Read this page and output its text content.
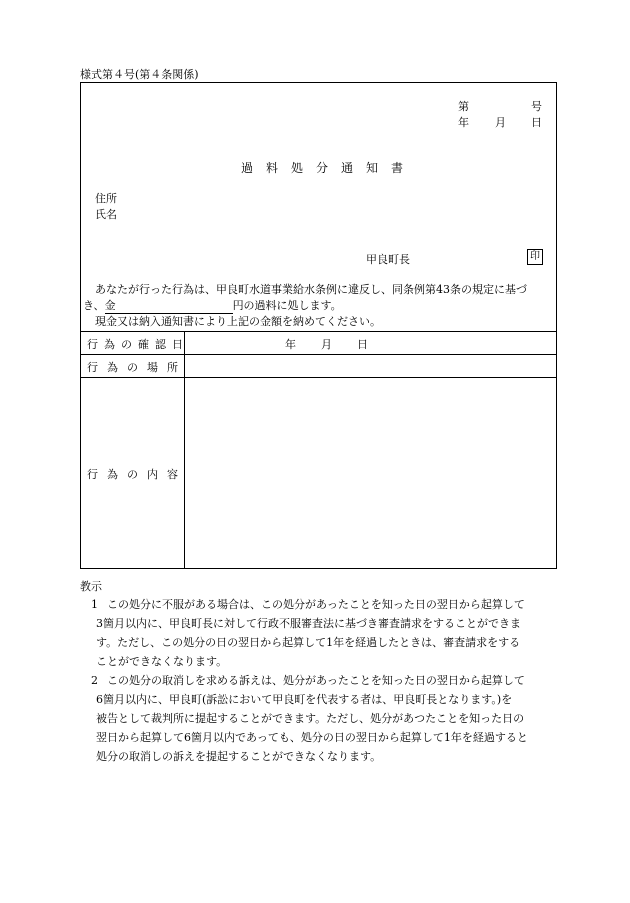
様式第４号(第４条関係)
第	号
年 月 日
過料処分通知書
住所
氏名
甲良町長	印
あなたが行った行為は、甲良町水道事業給水条例に違反し、同条例第43条の規定に基づ
き、金	円の過料に処します。
現金又は納入通知書により上記の金額を納めてください。
行為の確認日	年 月 日
行為の場所
行為の内容
教示
1 この処分に不服がある場合は、この処分があったことを知った日の翌日から起算して
3箇月以内に、甲良町長に対して行政不服審査法に基づき審査請求をすることができま
す。ただし、この処分の日の翌日から起算して1年を経過したときは、審査請求をする
ことができなくなります。
2 この処分の取消しを求める訴えは、処分があったことを知った日の翌日から起算して
6箇月以内に、甲良町(訴訟において甲良町を代表する者は、甲良町長となります。)を
被告として裁判所に提起することができます。ただし、処分があつたことを知った日の
翌日から起算して6箇月以内であっても、処分の日の翌日から起算して1年を経過すると
処分の取消しの訴えを提起することができなくなります。
